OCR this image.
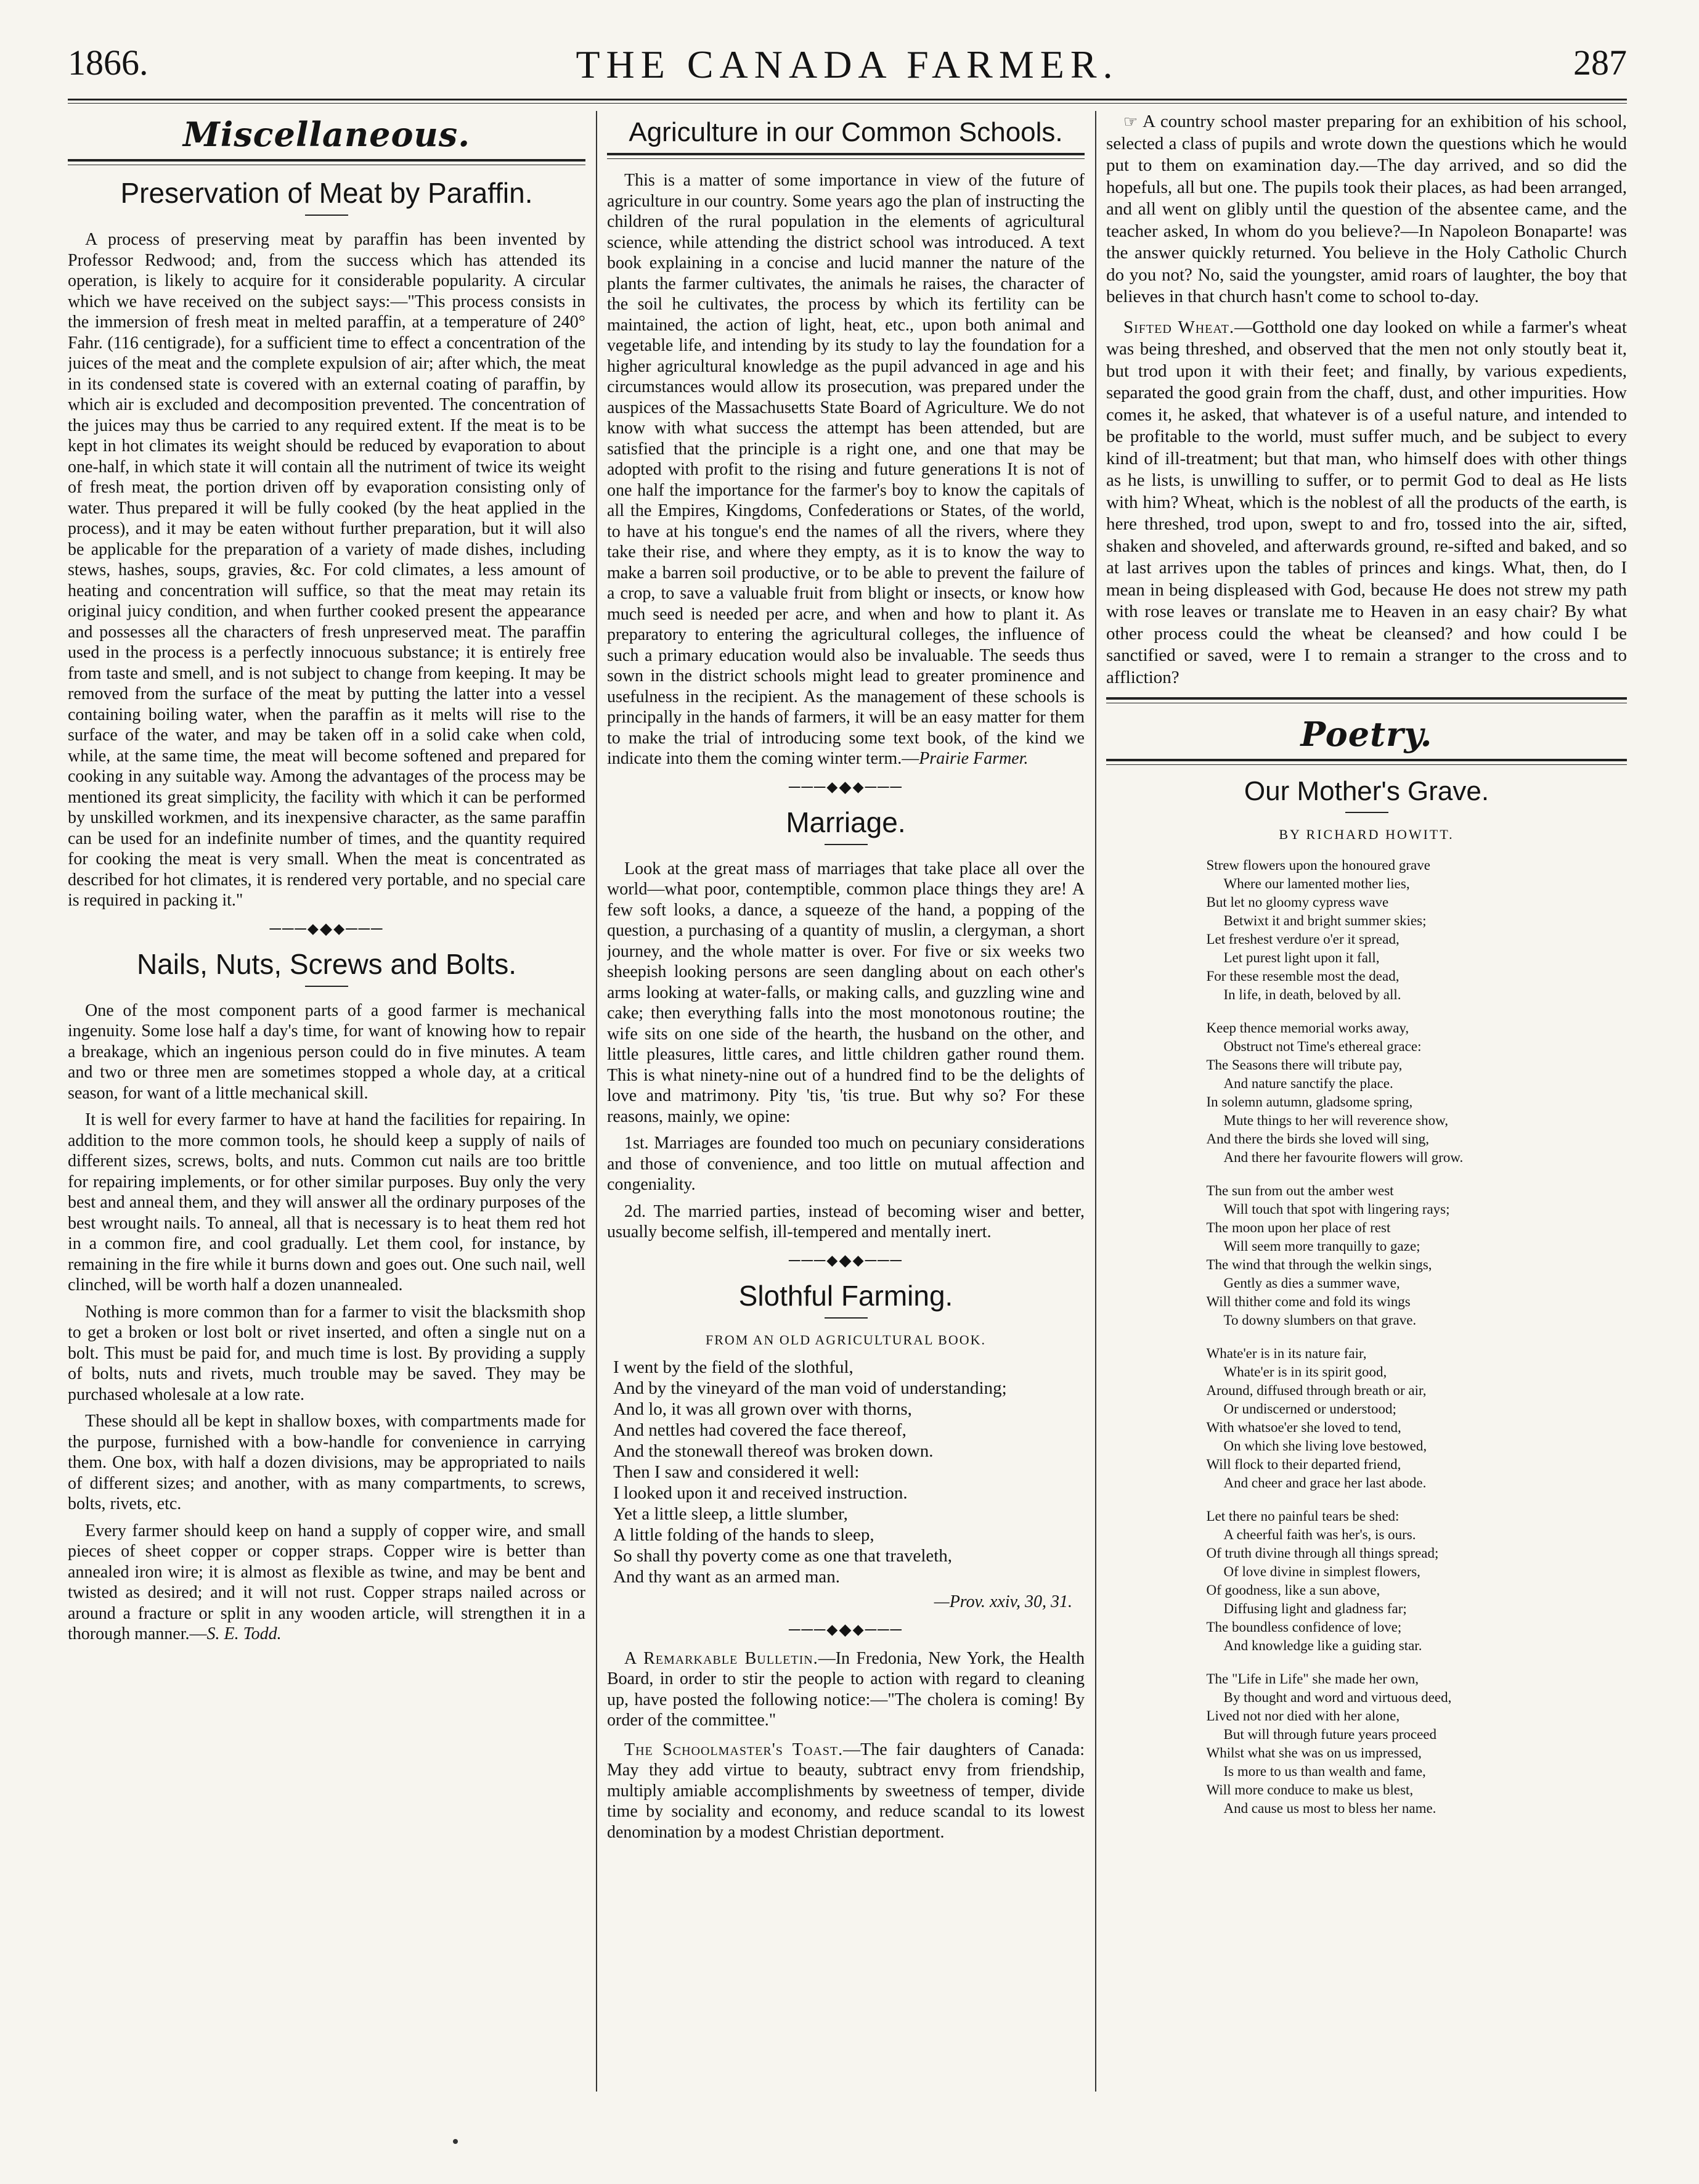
1866.	THE CANADA FARMER.	287
Miscellaneous.
Preservation of Meat by Paraffin.

A process of preserving meat by paraffin has been invented by Professor Redwood; and, from the success which has attended its operation, is likely to acquire for it considerable popularity. A circular which we have received on the subject says:—"This process consists in the immersion of fresh meat in melted paraffin, at a temperature of 240° Fahr. (116 centigrade), for a sufficient time to effect a concentration of the juices of the meat and the complete expulsion of air; after which, the meat in its condensed state is covered with an external coating of paraffin, by which air is excluded and decomposition prevented. The concentration of the juices may thus be carried to any required extent. If the meat is to be kept in hot climates its weight should be reduced by evaporation to about one-half, in which state it will contain all the nutriment of twice its weight of fresh meat, the portion driven off by evaporation consisting only of water. Thus prepared it will be fully cooked (by the heat applied in the process), and it may be eaten without further preparation, but it will also be applicable for the preparation of a variety of made dishes, including stews, hashes, soups, gravies, &c. For cold climates, a less amount of heating and concentration will suffice, so that the meat may retain its original juicy condition, and when further cooked present the appearance and possesses all the characters of fresh unpreserved meat. The paraffin used in the process is a perfectly innocuous substance; it is entirely free from taste and smell, and is not subject to change from keeping. It may be removed from the surface of the meat by putting the latter into a vessel containing boiling water, when the paraffin as it melts will rise to the surface of the water, and may be taken off in a solid cake when cold, while, at the same time, the meat will become softened and prepared for cooking in any suitable way. Among the advantages of the process may be mentioned its great simplicity, the facility with which it can be performed by unskilled workmen, and its inexpensive character, as the same paraffin can be used for an indefinite number of times, and the quantity required for cooking the meat is very small. When the meat is concentrated as described for hot climates, it is rendered very portable, and no special care is required in packing it."

───⬥◆⬥───
Nails, Nuts, Screws and Bolts.

One of the most component parts of a good farmer is mechanical ingenuity. Some lose half a day's time, for want of knowing how to repair a breakage, which an ingenious person could do in five minutes. A team and two or three men are sometimes stopped a whole day, at a critical season, for want of a little mechanical skill.

It is well for every farmer to have at hand the facilities for repairing. In addition to the more common tools, he should keep a supply of nails of different sizes, screws, bolts, and nuts. Common cut nails are too brittle for repairing implements, or for other similar purposes. Buy only the very best and anneal them, and they will answer all the ordinary purposes of the best wrought nails. To anneal, all that is necessary is to heat them red hot in a common fire, and cool gradually. Let them cool, for instance, by remaining in the fire while it burns down and goes out. One such nail, well clinched, will be worth half a dozen unannealed.

Nothing is more common than for a farmer to visit the blacksmith shop to get a broken or lost bolt or rivet inserted, and often a single nut on a bolt. This must be paid for, and much time is lost. By providing a supply of bolts, nuts and rivets, much trouble may be saved. They may be purchased wholesale at a low rate.

These should all be kept in shallow boxes, with compartments made for the purpose, furnished with a bow-handle for convenience in carrying them. One box, with half a dozen divisions, may be appropriated to nails of different sizes; and another, with as many compartments, to screws, bolts, rivets, etc.

Every farmer should keep on hand a supply of copper wire, and small pieces of sheet copper or copper straps. Copper wire is better than annealed iron wire; it is almost as flexible as twine, and may be bent and twisted as desired; and it will not rust. Copper straps nailed across or around a fracture or split in any wooden article, will strengthen it in a thorough manner.—S. E. Todd.

Agriculture in our Common Schools.

This is a matter of some importance in view of the future of agriculture in our country. Some years ago the plan of instructing the children of the rural population in the elements of agricultural science, while attending the district school was introduced. A text book explaining in a concise and lucid manner the nature of the plants the farmer cultivates, the animals he raises, the character of the soil he cultivates, the process by which its fertility can be maintained, the action of light, heat, etc., upon both animal and vegetable life, and intending by its study to lay the foundation for a higher agricultural knowledge as the pupil advanced in age and his circumstances would allow its prosecution, was prepared under the auspices of the Massachusetts State Board of Agriculture. We do not know with what success the attempt has been attended, but are satisfied that the principle is a right one, and one that may be adopted with profit to the rising and future generations It is not of one half the importance for the farmer's boy to know the capitals of all the Empires, Kingdoms, Confederations or States, of the world, to have at his tongue's end the names of all the rivers, where they take their rise, and where they empty, as it is to know the way to make a barren soil productive, or to be able to prevent the failure of a crop, to save a valuable fruit from blight or insects, or know how much seed is needed per acre, and when and how to plant it. As preparatory to entering the agricultural colleges, the influence of such a primary education would also be invaluable. The seeds thus sown in the district schools might lead to greater prominence and usefulness in the recipient. As the management of these schools is principally in the hands of farmers, it will be an easy matter for them to make the trial of introducing some text book, of the kind we indicate into them the coming winter term.—Prairie Farmer.

───⬥◆⬥───
Marriage.

Look at the great mass of marriages that take place all over the world—what poor, contemptible, common place things they are! A few soft looks, a dance, a squeeze of the hand, a popping of the question, a purchasing of a quantity of muslin, a clergyman, a short journey, and the whole matter is over. For five or six weeks two sheepish looking persons are seen dangling about on each other's arms looking at water-falls, or making calls, and guzzling wine and cake; then everything falls into the most monotonous routine; the wife sits on one side of the hearth, the husband on the other, and little pleasures, little cares, and little children gather round them. This is what ninety-nine out of a hundred find to be the delights of love and matrimony. Pity 'tis, 'tis true. But why so? For these reasons, mainly, we opine:

1st. Marriages are founded too much on pecuniary considerations and those of convenience, and too little on mutual affection and congeniality.

2d. The married parties, instead of becoming wiser and better, usually become selfish, ill-tempered and mentally inert.

───⬥◆⬥───
Slothful Farming.
FROM AN OLD AGRICULTURAL BOOK.
I went by the field of the slothful,
And by the vineyard of the man void of understanding;
And lo, it was all grown over with thorns,
And nettles had covered the face thereof,
And the stonewall thereof was broken down.
Then I saw and considered it well:
I looked upon it and received instruction.
Yet a little sleep, a little slumber,
A little folding of the hands to sleep,
So shall thy poverty come as one that traveleth,
And thy want as an armed man.
—Prov. xxiv, 30, 31.
───⬥◆⬥───

A Remarkable Bulletin.—In Fredonia, New York, the Health Board, in order to stir the people to action with regard to cleaning up, have posted the following notice:—"The cholera is coming! By order of the committee."

The Schoolmaster's Toast.—The fair daughters of Canada: May they add virtue to beauty, subtract envy from friendship, multiply amiable accomplishments by sweetness of temper, divide time by sociality and economy, and reduce scandal to its lowest denomination by a modest Christian deportment.

☞ A country school master preparing for an exhibition of his school, selected a class of pupils and wrote down the questions which he would put to them on examination day.—The day arrived, and so did the hopefuls, all but one. The pupils took their places, as had been arranged, and all went on glibly until the question of the absentee came, and the teacher asked, In whom do you believe?—In Napoleon Bonaparte! was the answer quickly returned. You believe in the Holy Catholic Church do you not? No, said the youngster, amid roars of laughter, the boy that believes in that church hasn't come to school to-day.

Sifted Wheat.—Gotthold one day looked on while a farmer's wheat was being threshed, and observed that the men not only stoutly beat it, but trod upon it with their feet; and finally, by various expedients, separated the good grain from the chaff, dust, and other impurities. How comes it, he asked, that whatever is of a useful nature, and intended to be profitable to the world, must suffer much, and be subject to every kind of ill-treatment; but that man, who himself does with other things as he lists, is unwilling to suffer, or to permit God to deal as He lists with him? Wheat, which is the noblest of all the products of the earth, is here threshed, trod upon, swept to and fro, tossed into the air, sifted, shaken and shoveled, and afterwards ground, re-sifted and baked, and so at last arrives upon the tables of princes and kings. What, then, do I mean in being displeased with God, because He does not strew my path with rose leaves or translate me to Heaven in an easy chair? By what other process could the wheat be cleansed? and how could I be sanctified or saved, were I to remain a stranger to the cross and to affliction?

Poetry.
Our Mother's Grave.
BY RICHARD HOWITT.
Strew flowers upon the honoured grave
Where our lamented mother lies,
But let no gloomy cypress wave
Betwixt it and bright summer skies;
Let freshest verdure o'er it spread,
Let purest light upon it fall,
For these resemble most the dead,
In life, in death, beloved by all.
Keep thence memorial works away,
Obstruct not Time's ethereal grace:
The Seasons there will tribute pay,
And nature sanctify the place.
In solemn autumn, gladsome spring,
Mute things to her will reverence show,
And there the birds she loved will sing,
And there her favourite flowers will grow.
The sun from out the amber west
Will touch that spot with lingering rays;
The moon upon her place of rest
Will seem more tranquilly to gaze;
The wind that through the welkin sings,
Gently as dies a summer wave,
Will thither come and fold its wings
To downy slumbers on that grave.
Whate'er is in its nature fair,
Whate'er is in its spirit good,
Around, diffused through breath or air,
Or undiscerned or understood;
With whatsoe'er she loved to tend,
On which she living love bestowed,
Will flock to their departed friend,
And cheer and grace her last abode.
Let there no painful tears be shed:
A cheerful faith was her's, is ours.
Of truth divine through all things spread;
Of love divine in simplest flowers,
Of goodness, like a sun above,
Diffusing light and gladness far;
The boundless confidence of love;
And knowledge like a guiding star.
The "Life in Life" she made her own,
By thought and word and virtuous deed,
Lived not nor died with her alone,
But will through future years proceed
Whilst what she was on us impressed,
Is more to us than wealth and fame,
Will more conduce to make us blest,
And cause us most to bless her name.
